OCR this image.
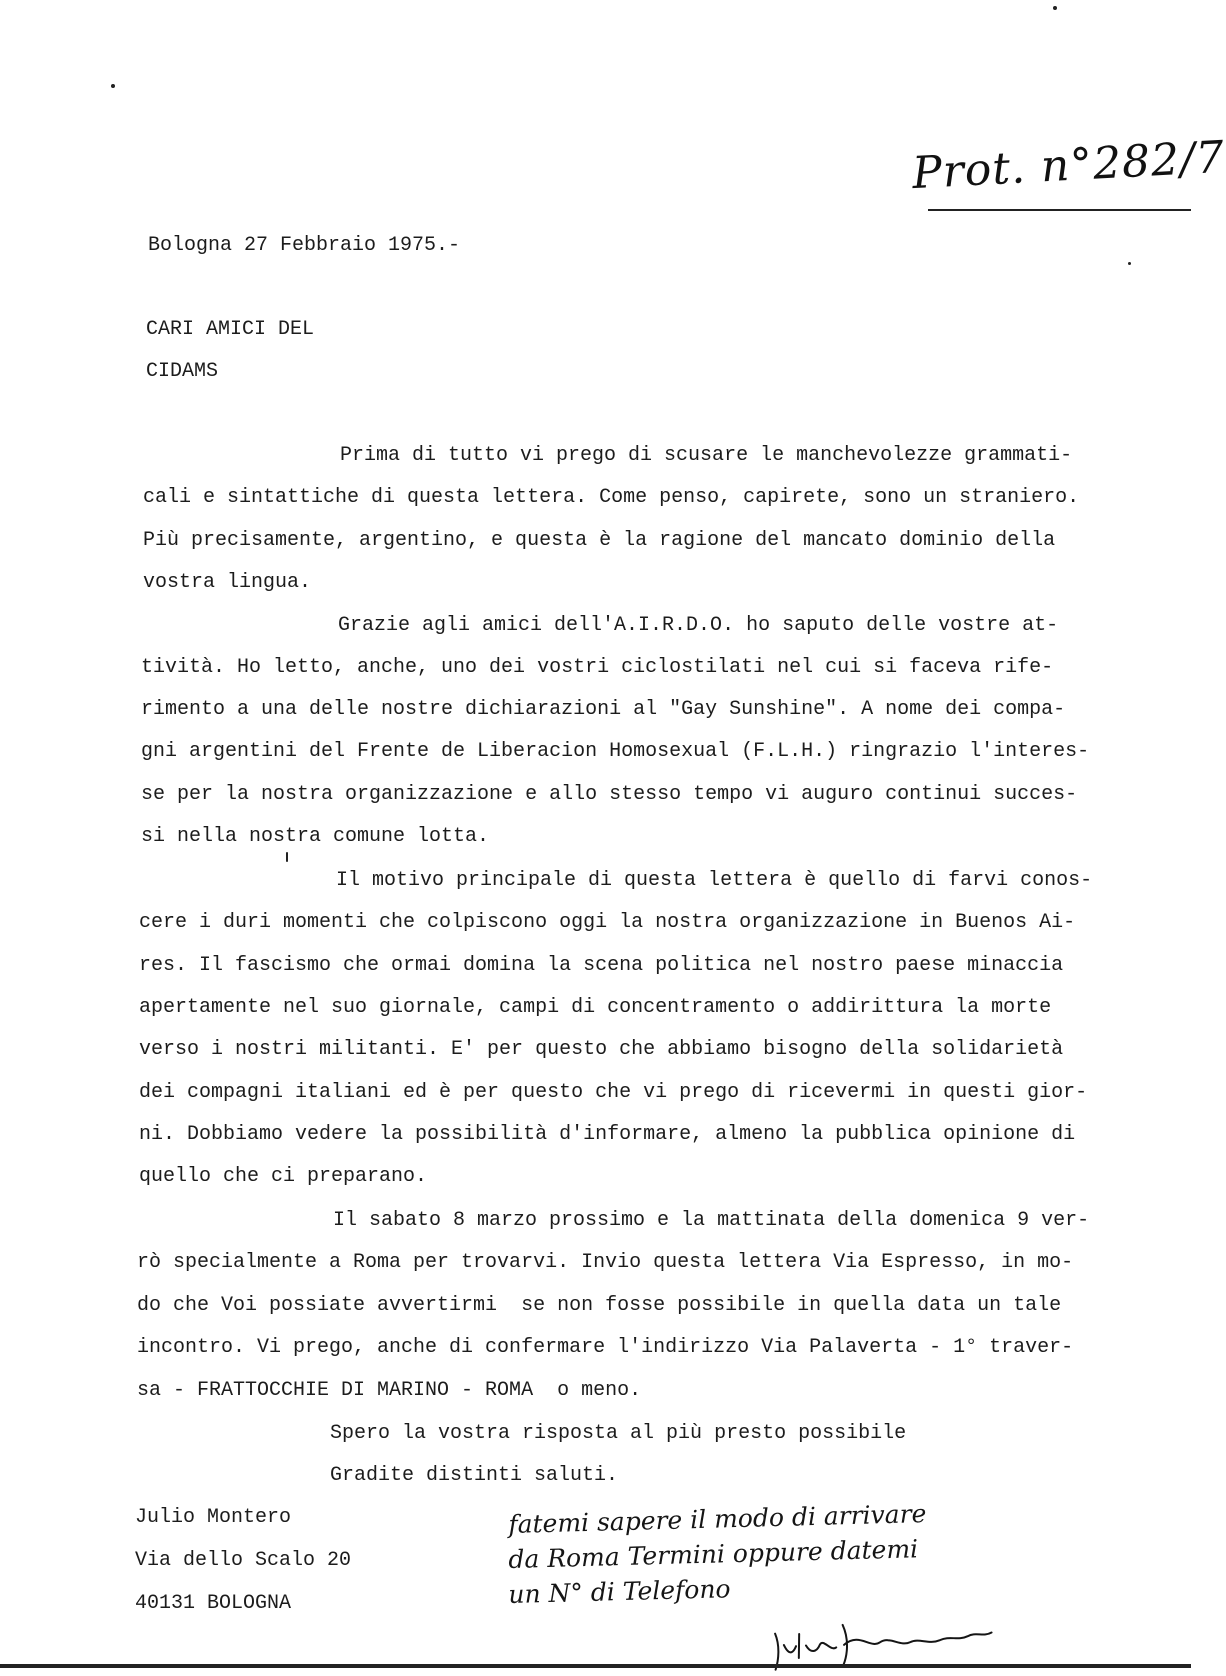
Prot. n°282/7
Bologna 27 Febbraio 1975.-
CARI AMICI DEL
CIDAMS
Prima di tutto vi prego di scusare le manchevolezze grammati-
cali e sintattiche di questa lettera. Come penso, capirete, sono un straniero.
Più precisamente, argentino, e questa è la ragione del mancato dominio della
vostra lingua.
Grazie agli amici dell'A.I.R.D.O. ho saputo delle vostre at-
tività. Ho letto, anche, uno dei vostri ciclostilati nel cui si faceva rife-
rimento a una delle nostre dichiarazioni al "Gay Sunshine". A nome dei compa-
gni argentini del Frente de Liberacion Homosexual (F.L.H.) ringrazio l'interes-
se per la nostra organizzazione e allo stesso tempo vi auguro continui succes-
si nella nostra comune lotta.
Il motivo principale di questa lettera è quello di farvi conos-
cere i duri momenti che colpiscono oggi la nostra organizzazione in Buenos Ai-
res. Il fascismo che ormai domina la scena politica nel nostro paese minaccia
apertamente nel suo giornale, campi di concentramento o addirittura la morte
verso i nostri militanti. E' per questo che abbiamo bisogno della solidarietà
dei compagni italiani ed è per questo che vi prego di ricevermi in questi gior-
ni. Dobbiamo vedere la possibilità d'informare, almeno la pubblica opinione di
quello che ci preparano.
Il sabato 8 marzo prossimo e la mattinata della domenica 9 ver-
rò specialmente a Roma per trovarvi. Invio questa lettera Via Espresso, in mo-
do che Voi possiate avvertirmi  se non fosse possibile in quella data un tale
incontro. Vi prego, anche di confermare l'indirizzo Via Palaverta - 1° traver-
sa - FRATTOCCHIE DI MARINO - ROMA  o meno.
Spero la vostra risposta al più presto possibile
Gradite distinti saluti.
Julio Montero
Via dello Scalo 20
40131 BOLOGNA
fatemi sapere il modo di arrivare
da Roma Termini oppure datemi
un N° di Telefono
